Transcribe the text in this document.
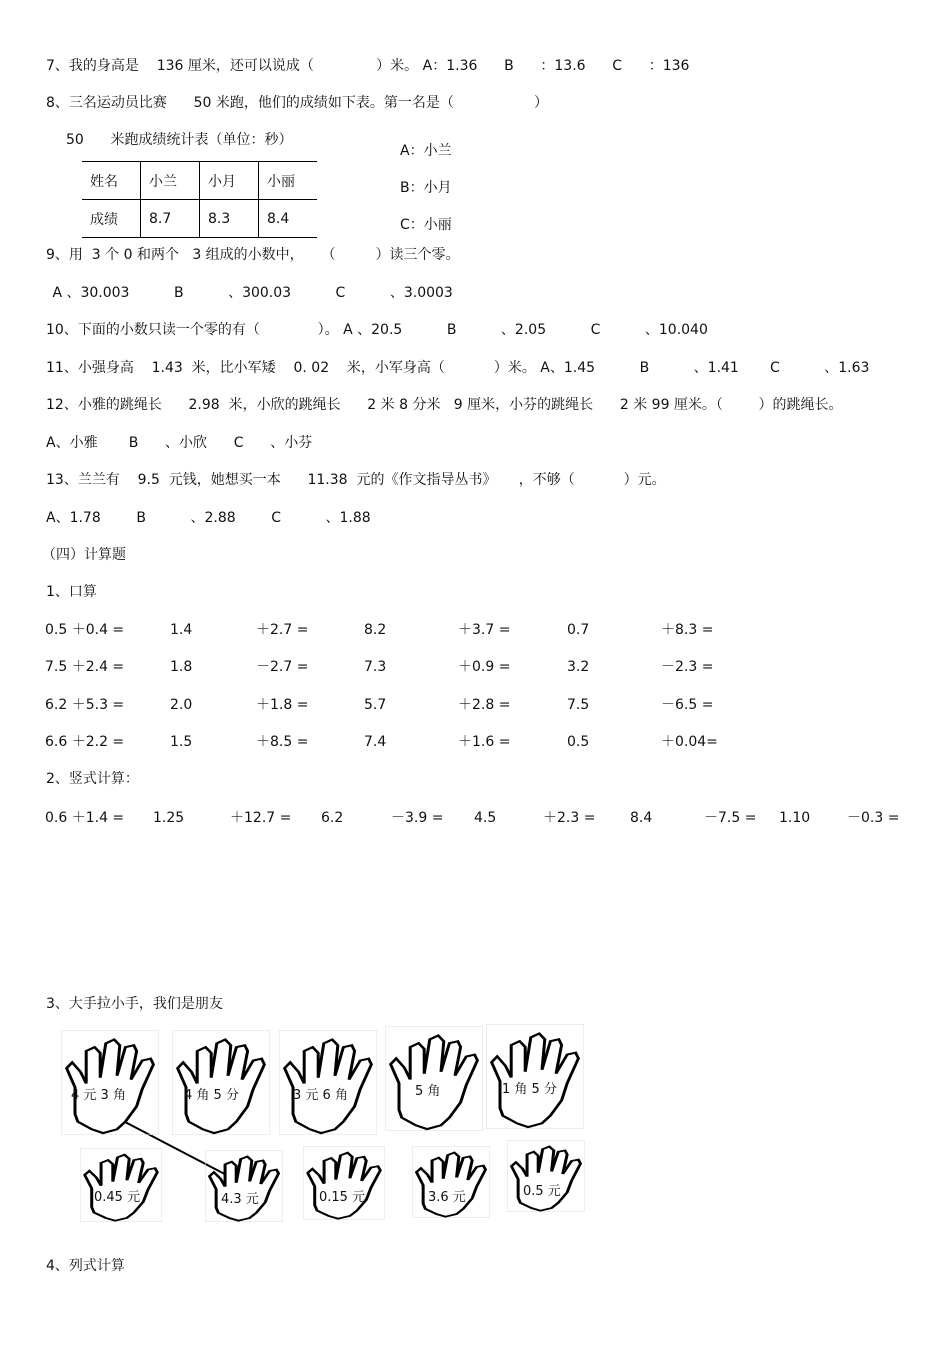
7、我的身高是    136 厘米，还可以说成（              ）米。 A：1.36      B      ：13.6      C      ：136
8、三名运动员比赛      50 米跑，他们的成绩如下表。第一名是（                  ）
50      米跑成绩统计表（单位：秒）
姓名	小兰	小月	小丽
成绩	8.7	8.3	8.4
A：小兰
B：小月
C：小丽
9、用  3 个 0 和两个   3 组成的小数中，    （         ）读三个零。
A 、30.003          B          、300.03          C          、3.0003
10、下面的小数只读一个零的有（             ）。 A 、20.5          B          、2.05          C          、10.040
11、小强身高    1.43  米，比小军矮    0. 02    米，小军身高（           ）米。 A、1.45          B          、1.41       C          、1.63
12、小雅的跳绳长      2.98  米，小欣的跳绳长      2 米 8 分米   9 厘米，小芬的跳绳长      2 米 99 厘米。（        ）的跳绳长。
A、小雅       B      、小欣      C      、小芬
13、兰兰有    9.5  元钱，她想买一本      11.38  元的《作文指导丛书》     ，不够（           ）元。
A、1.78        B          、2.88        C          、1.88
（四）计算题
1、口算
0.5 ＋0.4 =	1.4	＋2.7 =	8.2	＋3.7 =	0.7	＋8.3 =
7.5 ＋2.4 =	1.8	－2.7 =	7.3	＋0.9 =	3.2	－2.3 =
6.2 ＋5.3 =	2.0	＋1.8 =	5.7	＋2.8 =	7.5	－6.5 =
6.6 ＋2.2 =	1.5	＋8.5 =	7.4	＋1.6 =	0.5	＋0.04=
2、竖式计算：
0.6 ＋1.4 = 1.25	＋12.7 = 6.2	－3.9 = 4.5	＋2.3 = 8.4	－7.5 = 1.10	－0.3 =
3、大手拉小手，我们是朋友
4 元 3 角	4 角 5 分	3 元 6 角	5 角	1 角 5 分
0.45 元	4.3 元	0.15 元	3.6 元	0.5 元
4、列式计算
